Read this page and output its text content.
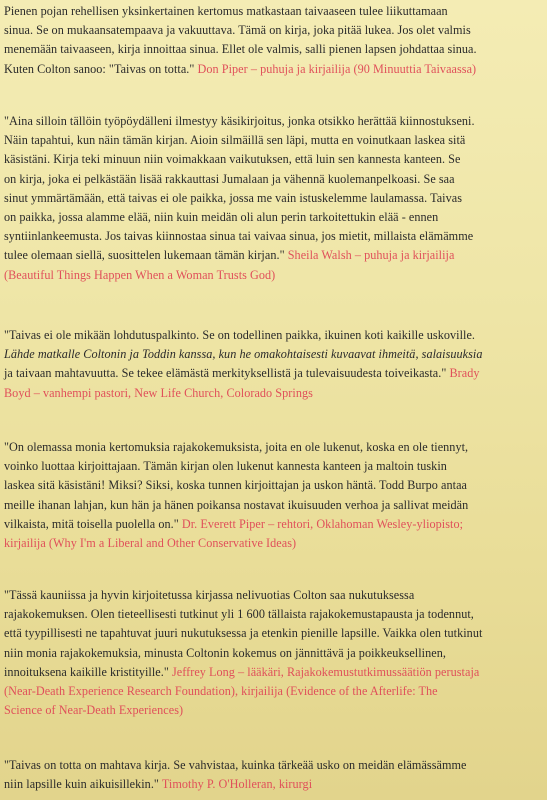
Pienen pojan rehellisen yksinkertainen kertomus matkastaan taivaaseen tulee liikuttamaan
sinua. Se on mukaansatempaava ja vakuuttava. Tämä on kirja, joka pitää lukea. Jos olet valmis
menemään taivaaseen, kirja innoittaa sinua. Ellet ole valmis, salli pienen lapsen johdattaa sinua.
Kuten Colton sanoo: "Taivas on totta." Don Piper – puhuja ja kirjailija (90 Minuuttia Taivaassa)
"Aina silloin tällöin työpöydälleni ilmestyy käsikirjoitus, jonka otsikko herättää kiinnostukseni.
Näin tapahtui, kun näin tämän kirjan. Aioin silmäillä sen läpi, mutta en voinutkaan laskea sitä
käsistäni. Kirja teki minuun niin voimakkaan vaikutuksen, että luin sen kannesta kanteen. Se
on kirja, joka ei pelkästään lisää rakkauttasi Jumalaan ja vähennä kuolemanpelkoasi. Se saa
sinut ymmärtämään, että taivas ei ole paikka, jossa me vain istuskelemme laulamassa. Taivas
on paikka, jossa alamme elää, niin kuin meidän oli alun perin tarkoitettukin elää - ennen
syntiinlankeemusta. Jos taivas kiinnostaa sinua tai vaivaa sinua, jos mietit, millaista elämämme
tulee olemaan siellä, suosittelen lukemaan tämän kirjan." Sheila Walsh – puhuja ja kirjailija
(Beautiful Things Happen When a Woman Trusts God)
"Taivas ei ole mikään lohdutuspalkinto. Se on todellinen paikka, ikuinen koti kaikille uskoville.
Lähde matkalle Coltonin ja Toddin kanssa, kun he omakohtaisesti kuvaavat ihmeitä, salaisuuksia
ja taivaan mahtavuutta. Se tekee elämästä merkityksellistä ja tulevaisuudesta toiveikasta." Brady
Boyd – vanhempi pastori, New Life Church, Colorado Springs
"On olemassa monia kertomuksia rajakokemuksista, joita en ole lukenut, koska en ole tiennyt,
voinko luottaa kirjoittajaan. Tämän kirjan olen lukenut kannesta kanteen ja maltoin tuskin
laskea sitä käsistäni! Miksi? Siksi, koska tunnen kirjoittajan ja uskon häntä. Todd Burpo antaa
meille ihanan lahjan, kun hän ja hänen poikansa nostavat ikuisuuden verhoa ja sallivat meidän
vilkaista, mitä toisella puolella on." Dr. Everett Piper – rehtori, Oklahoman Wesley-yliopisto;
kirjailija (Why I'm a Liberal and Other Conservative Ideas)
"Tässä kauniissa ja hyvin kirjoitetussa kirjassa nelivuotias Colton saa nukutuksessa
rajakokemuksen. Olen tieteellisesti tutkinut yli 1 600 tällaista rajakokemustapausta ja todennut,
että tyypillisesti ne tapahtuvat juuri nukutuksessa ja etenkin pienille lapsille. Vaikka olen tutkinut
niin monia rajakokemuksia, minusta Coltonin kokemus on jännittävä ja poikkeuksellinen,
innoituksena kaikille kristityille." Jeffrey Long – lääkäri, Rajakokemustutkimussäätiön perustaja
(Near-Death Experience Research Foundation), kirjailija (Evidence of the Afterlife: The
Science of Near-Death Experiences)
"Taivas on totta on mahtava kirja. Se vahvistaa, kuinka tärkeää usko on meidän elämässämme
niin lapsille kuin aikuisillekin." Timothy P. O'Holleran, kirurgi
